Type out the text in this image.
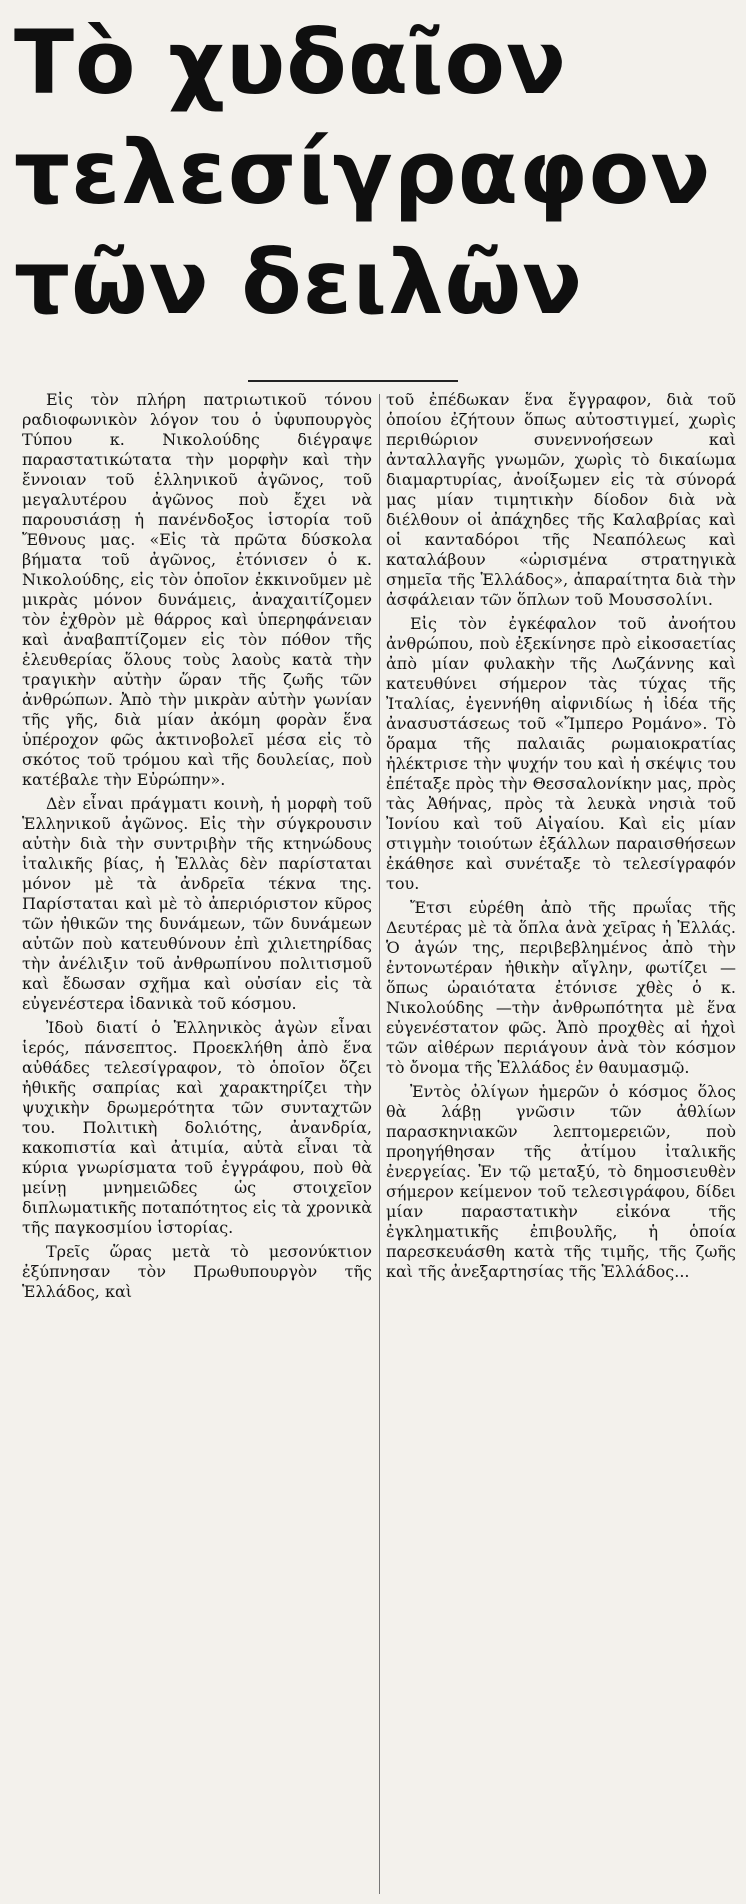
Τὸ χυδαῖον
τελεσίγραφον
τῶν δειλῶν

Εἰς τὸν πλήρη πατριωτικοῦ τόνου ραδιοφωνικὸν λόγον του ὁ ὑφυπουργὸς Τύπου κ. Νικολούδης διέγραψε παραστατικώτατα τὴν μορφὴν καὶ τὴν ἔννοιαν τοῦ ἑλληνικοῦ ἀγῶνος, τοῦ μεγαλυτέρου ἀγῶνος ποὺ ἔχει νὰ παρουσιάσῃ ἡ πανένδοξος ἱστορία τοῦ Ἔθνους μας. «Εἰς τὰ πρῶτα δύσκολα βήματα τοῦ ἀγῶνος, ἐτόνισεν ὁ κ. Νικολούδης, εἰς τὸν ὁποῖον ἐκκινοῦμεν μὲ μικρὰς μόνον δυνάμεις, ἀναχαιτίζομεν τὸν ἐχθρὸν μὲ θάρρος καὶ ὑπερηφάνειαν καὶ ἀναβαπτίζομεν εἰς τὸν πόθον τῆς ἐλευθερίας ὅλους τοὺς λαοὺς κατὰ τὴν τραγικὴν αὐτὴν ὥραν τῆς ζωῆς τῶν ἀνθρώπων. Ἀπὸ τὴν μικρὰν αὐτὴν γωνίαν τῆς γῆς, διὰ μίαν ἀκόμη φορὰν ἕνα ὑπέροχον φῶς ἀκτινοβολεῖ μέσα εἰς τὸ σκότος τοῦ τρόμου καὶ τῆς δουλείας, ποὺ κατέβαλε τὴν Εὐρώπην».

Δὲν εἶναι πράγματι κοινὴ, ἡ μορφὴ τοῦ Ἑλληνικοῦ ἀγῶνος. Εἰς τὴν σύγκρουσιν αὐτὴν διὰ τὴν συντριβὴν τῆς κτηνώδους ἰταλικῆς βίας, ἡ Ἑλλὰς δὲν παρίσταται μόνον μὲ τὰ ἀνδρεῖα τέκνα της. Παρίσταται καὶ μὲ τὸ ἀπεριόριστον κῦρος τῶν ἠθικῶν της δυνάμεων, τῶν δυνάμεων αὐτῶν ποὺ κατευθύνουν ἐπὶ χιλιετηρίδας τὴν ἀνέλιξιν τοῦ ἀνθρωπίνου πολιτισμοῦ καὶ ἔδωσαν σχῆμα καὶ οὐσίαν εἰς τὰ εὐγενέστερα ἰδανικὰ τοῦ κόσμου.

Ἰδοὺ διατί ὁ Ἑλληνικὸς ἀγὼν εἶναι ἱερός, πάνσεπτος. Προεκλήθη ἀπὸ ἕνα αὐθάδες τελεσίγραφον, τὸ ὁποῖον ὄζει ἠθικῆς σαπρίας καὶ χαρακτηρίζει τὴν ψυχικὴν δρωμερότητα τῶν συνταχτῶν του. Πολιτικὴ δολιότης, ἀνανδρία, κακοπιστία καὶ ἀτιμία, αὐτὰ εἶναι τὰ κύρια γνωρίσματα τοῦ ἐγγράφου, ποὺ θὰ μείνῃ μνημειῶδες ὡς στοιχεῖον διπλωματικῆς ποταπότητος εἰς τὰ χρονικὰ τῆς παγκοσμίου ἱστορίας.

Τρεῖς ὥρας μετὰ τὸ μεσονύκτιον ἐξύπνησαν τὸν Πρωθυπουργὸν τῆς Ἑλλάδος, καὶ

τοῦ ἐπέδωκαν ἕνα ἔγγραφον, διὰ τοῦ ὁποίου ἐζήτουν ὅπως αὐτοστιγμεί, χωρὶς περιθώριον συνεννοήσεων καὶ ἀνταλλαγῆς γνωμῶν, χωρὶς τὸ δικαίωμα διαμαρτυρίας, ἀνοίξωμεν εἰς τὰ σύνορά μας μίαν τιμητικὴν δίοδον διὰ νὰ διέλθουν οἱ ἀπάχηδες τῆς Καλαβρίας καὶ οἱ κανταδόροι τῆς Νεαπόλεως καὶ καταλάβουν «ὡρισμένα στρατηγικὰ σημεῖα τῆς Ἑλλάδος», ἀπαραίτητα διὰ τὴν ἀσφάλειαν τῶν ὅπλων τοῦ Μουσσολίνι.

Εἰς τὸν ἐγκέφαλον τοῦ ἀνοήτου ἀνθρώπου, ποὺ ἐξεκίνησε πρὸ εἰκοσαετίας ἀπὸ μίαν φυλακὴν τῆς Λωζάννης καὶ κατευθύνει σήμερον τὰς τύχας τῆς Ἰταλίας, ἐγεννήθη αἰφνιδίως ἡ ἰδέα τῆς ἀνασυστάσεως τοῦ «Ἴμπερο Ρομάνο». Τὸ ὅραμα τῆς παλαιᾶς ρωμαιοκρατίας ἠλέκτρισε τὴν ψυχήν του καὶ ἡ σκέψις του ἐπέταξε πρὸς τὴν Θεσσαλονίκην μας, πρὸς τὰς Ἀθήνας, πρὸς τὰ λευκὰ νησιὰ τοῦ Ἰονίου καὶ τοῦ Αἰγαίου. Καὶ εἰς μίαν στιγμὴν τοιούτων ἐξάλλων παραισθήσεων ἐκάθησε καὶ συνέταξε τὸ τελεσίγραφόν του.

Ἔτσι εὑρέθη ἀπὸ τῆς πρωΐας τῆς Δευτέρας μὲ τὰ ὅπλα ἀνὰ χεῖρας ἡ Ἑλλάς. Ὁ ἀγών της, περιβεβλημένος ἀπὸ τὴν ἐντονωτέραν ἠθικὴν αἴγλην, φωτίζει —ὅπως ὡραιότατα ἐτόνισε χθὲς ὁ κ. Νικολούδης —τὴν ἀνθρωπότητα μὲ ἕνα εὐγενέστατον φῶς. Ἀπὸ προχθὲς αἱ ἠχοὶ τῶν αἰθέρων περιάγουν ἀνὰ τὸν κόσμον τὸ ὄνομα τῆς Ἑλλάδος ἐν θαυμασμῷ.

Ἐντὸς ὀλίγων ἡμερῶν ὁ κόσμος ὅλος θὰ λάβῃ γνῶσιν τῶν ἀθλίων παρασκηνιακῶν λεπτομερειῶν, ποὺ προηγήθησαν τῆς ἀτίμου ἰταλικῆς ἐνεργείας. Ἐν τῷ μεταξύ, τὸ δημοσιευθὲν σήμερον κείμενον τοῦ τελεσιγράφου, δίδει μίαν παραστατικὴν εἰκόνα τῆς ἐγκληματικῆς ἐπιβουλῆς, ἡ ὁποία παρεσκευάσθη κατὰ τῆς τιμῆς, τῆς ζωῆς καὶ τῆς ἀνεξαρτησίας τῆς Ἑλλάδος...
